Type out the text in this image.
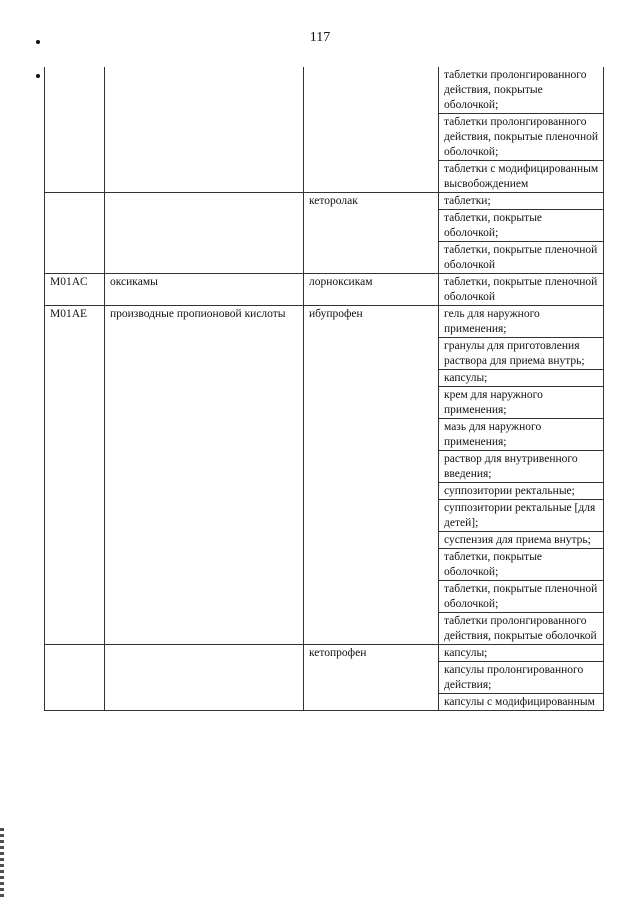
117
			таблетки пролонгированного действия, покрытые оболочкой;
			таблетки пролонгированного действия, покрытые пленочной оболочкой;
			таблетки с модифицированным высвобождением
		кеторолак	таблетки;
			таблетки, покрытые оболочкой;
			таблетки, покрытые пленочной оболочкой
M01AC	оксикамы	лорноксикам	таблетки, покрытые пленочной оболочкой
M01AE	производные пропионовой кислоты	ибупрофен	гель для наружного применения;
			гранулы для приготовления раствора для приема внутрь;
			капсулы;
			крем для наружного применения;
			мазь для наружного применения;
			раствор для внутривенного введения;
			суппозитории ректальные;
			суппозитории ректальные [для детей];
			суспензия для приема внутрь;
			таблетки, покрытые оболочкой;
			таблетки, покрытые пленочной оболочкой;
			таблетки пролонгированного действия, покрытые оболочкой
		кетопрофен	капсулы;
			капсулы пролонгированного действия;
			капсулы с модифицированным
